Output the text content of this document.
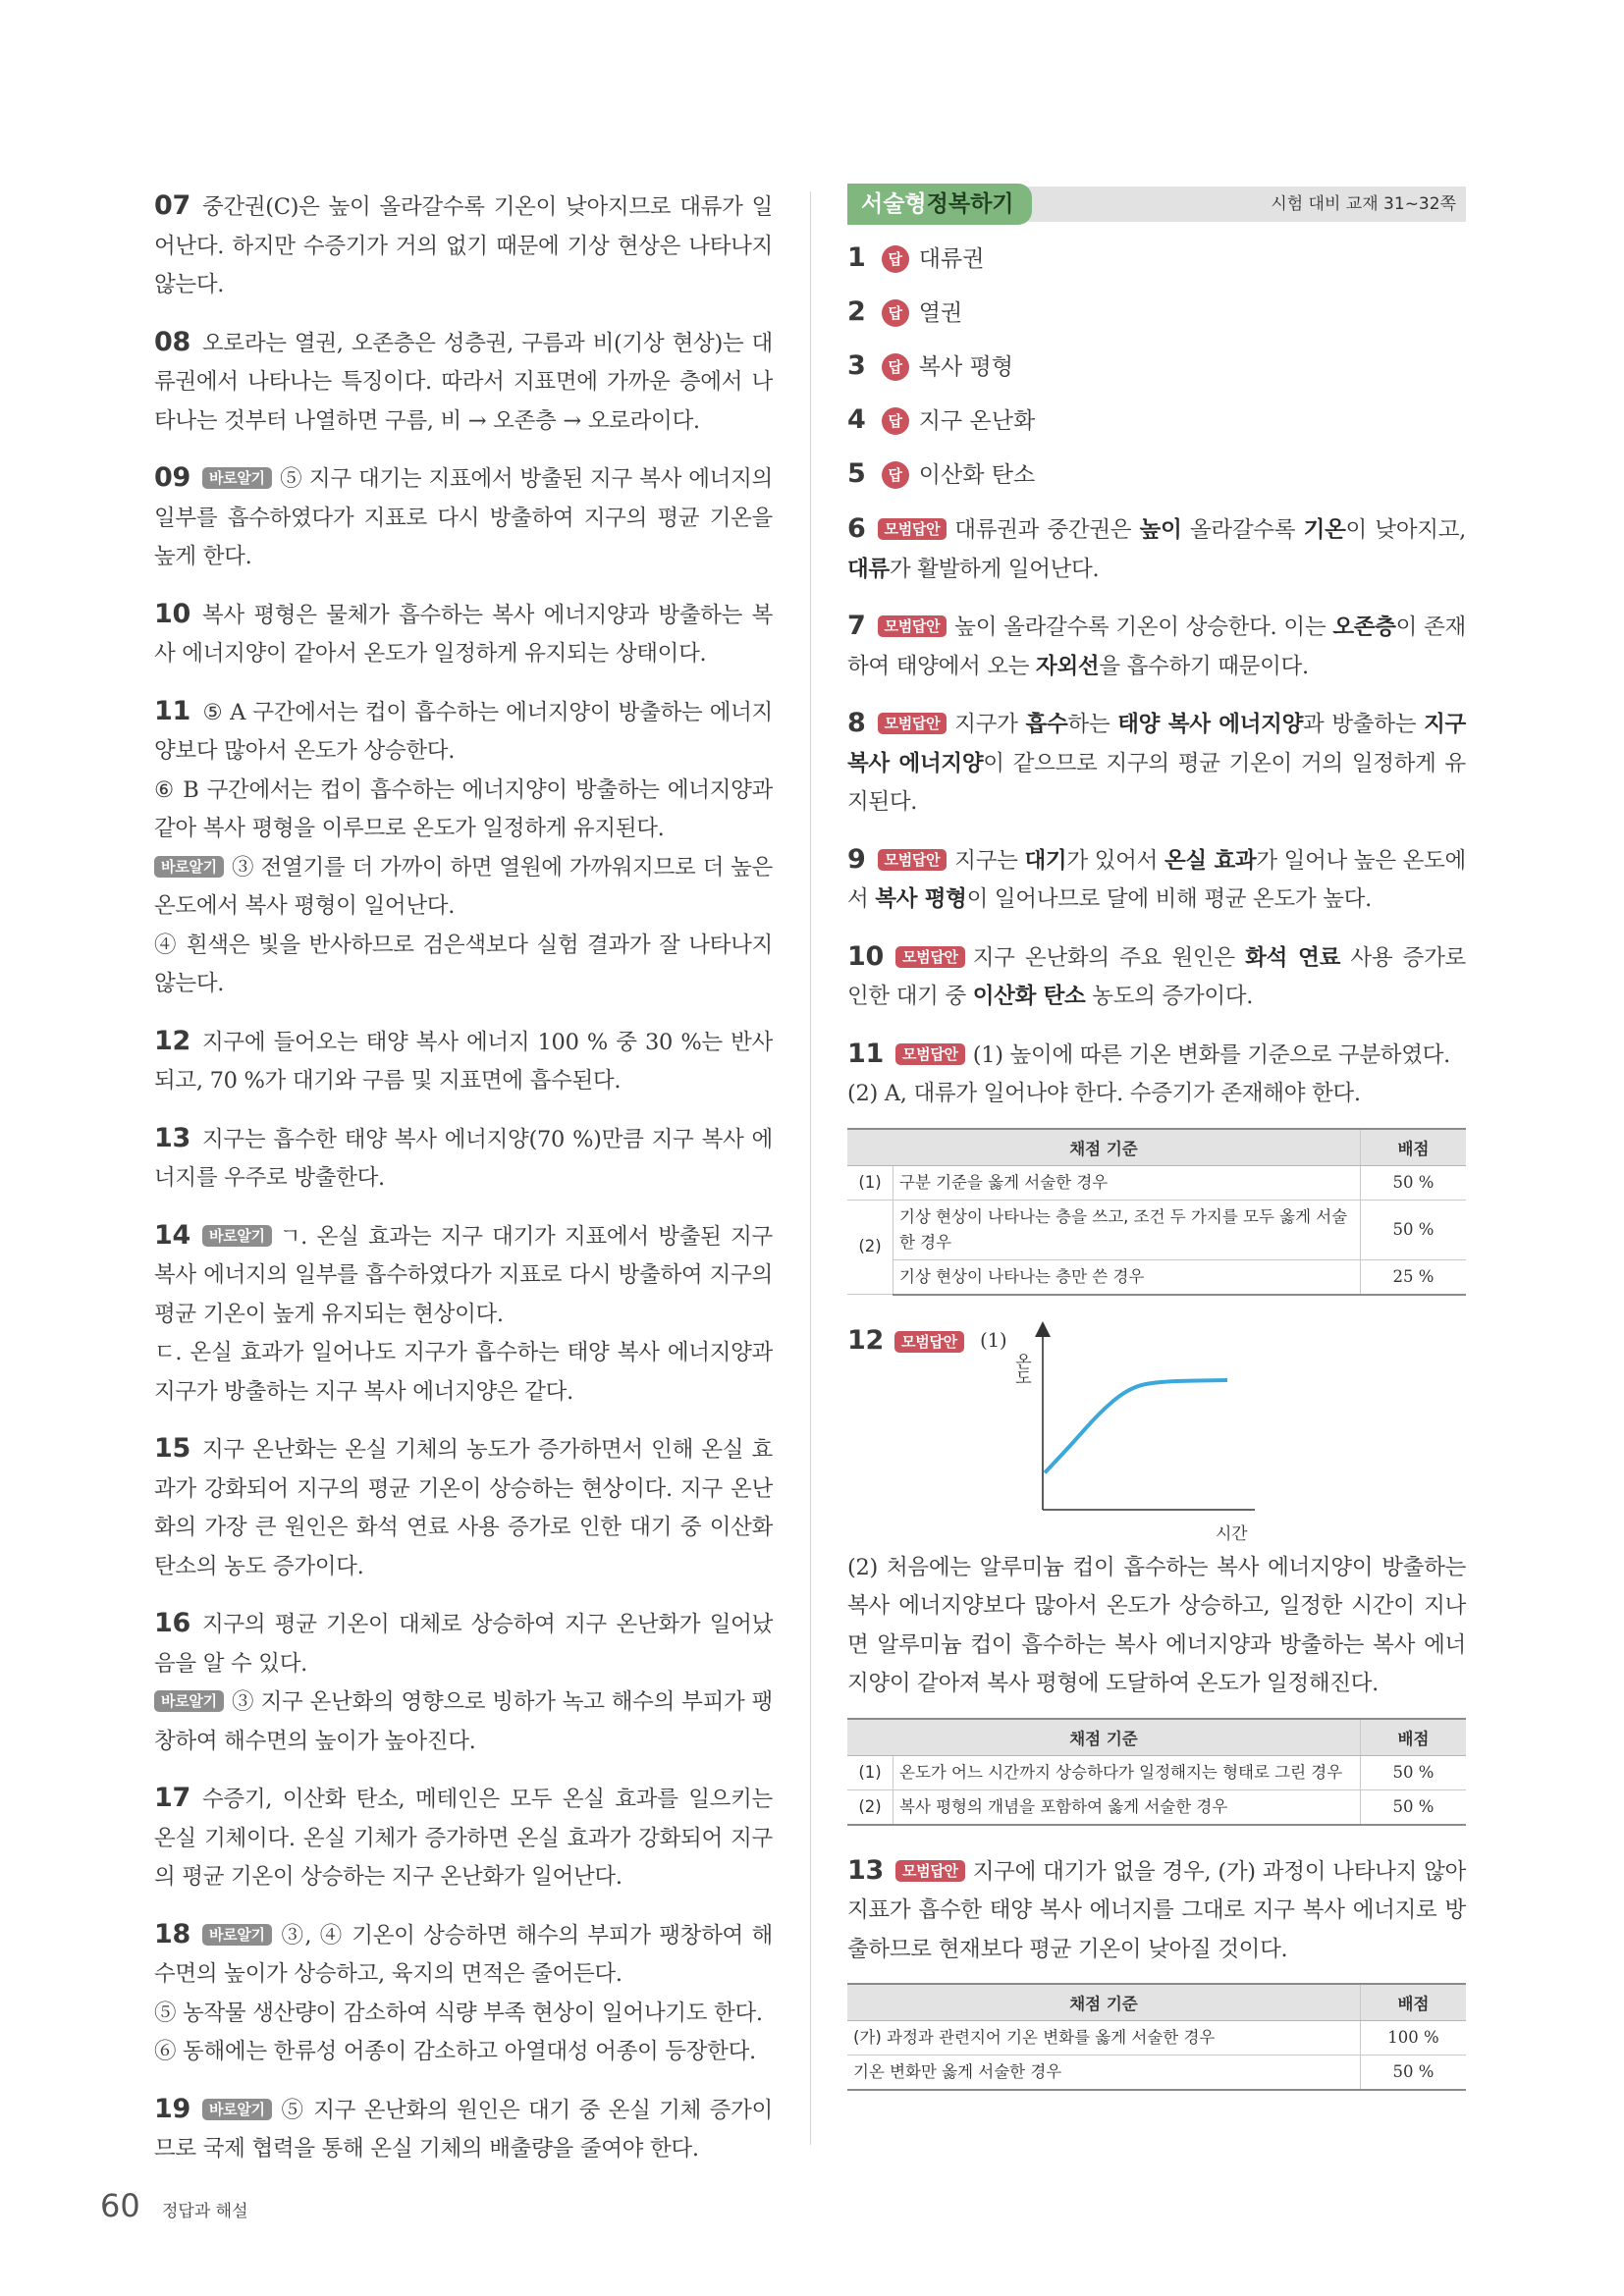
07 중간권(C)은 높이 올라갈수록 기온이 낮아지므로 대류가 일어난다. 하지만 수증기가 거의 없기 때문에 기상 현상은 나타나지 않는다.

08 오로라는 열권, 오존층은 성층권, 구름과 비(기상 현상)는 대류권에서 나타나는 특징이다. 따라서 지표면에 가까운 층에서 나타나는 것부터 나열하면 구름, 비 → 오존층 → 오로라이다.

09 바로알기 ⑤ 지구 대기는 지표에서 방출된 지구 복사 에너지의 일부를 흡수하였다가 지표로 다시 방출하여 지구의 평균 기온을 높게 한다.

10 복사 평형은 물체가 흡수하는 복사 에너지양과 방출하는 복사 에너지양이 같아서 온도가 일정하게 유지되는 상태이다.

11 ⑤ A 구간에서는 컵이 흡수하는 에너지양이 방출하는 에너지양보다 많아서 온도가 상승한다.

⑥ B 구간에서는 컵이 흡수하는 에너지양이 방출하는 에너지양과 같아 복사 평형을 이루므로 온도가 일정하게 유지된다.

바로알기 ③ 전열기를 더 가까이 하면 열원에 가까워지므로 더 높은 온도에서 복사 평형이 일어난다.

④ 흰색은 빛을 반사하므로 검은색보다 실험 결과가 잘 나타나지 않는다.

12 지구에 들어오는 태양 복사 에너지 100 % 중 30 %는 반사되고, 70 %가 대기와 구름 및 지표면에 흡수된다.

13 지구는 흡수한 태양 복사 에너지양(70 %)만큼 지구 복사 에너지를 우주로 방출한다.

14 바로알기 ㄱ. 온실 효과는 지구 대기가 지표에서 방출된 지구 복사 에너지의 일부를 흡수하였다가 지표로 다시 방출하여 지구의 평균 기온이 높게 유지되는 현상이다.

ㄷ. 온실 효과가 일어나도 지구가 흡수하는 태양 복사 에너지양과 지구가 방출하는 지구 복사 에너지양은 같다.

15 지구 온난화는 온실 기체의 농도가 증가하면서 인해 온실 효과가 강화되어 지구의 평균 기온이 상승하는 현상이다. 지구 온난화의 가장 큰 원인은 화석 연료 사용 증가로 인한 대기 중 이산화 탄소의 농도 증가이다.

16 지구의 평균 기온이 대체로 상승하여 지구 온난화가 일어났음을 알 수 있다.

바로알기 ③ 지구 온난화의 영향으로 빙하가 녹고 해수의 부피가 팽창하여 해수면의 높이가 높아진다.

17 수증기, 이산화 탄소, 메테인은 모두 온실 효과를 일으키는 온실 기체이다. 온실 기체가 증가하면 온실 효과가 강화되어 지구의 평균 기온이 상승하는 지구 온난화가 일어난다.

18 바로알기 ③, ④ 기온이 상승하면 해수의 부피가 팽창하여 해수면의 높이가 상승하고, 육지의 면적은 줄어든다.

⑤ 농작물 생산량이 감소하여 식량 부족 현상이 일어나기도 한다.

⑥ 동해에는 한류성 어종이 감소하고 아열대성 어종이 등장한다.

19 바로알기 ⑤ 지구 온난화의 원인은 대기 중 온실 기체 증가이므로 국제 협력을 통해 온실 기체의 배출량을 줄여야 한다.

서술형정복하기	시험 대비 교재 31~32쪽
1 답 대류권
2 답 열권
3 답 복사 평형
4 답 지구 온난화
5 답 이산화 탄소

6 모범답안 대류권과 중간권은 높이 올라갈수록 기온이 낮아지고, 대류가 활발하게 일어난다.

7 모범답안 높이 올라갈수록 기온이 상승한다. 이는 오존층이 존재하여 태양에서 오는 자외선을 흡수하기 때문이다.

8 모범답안 지구가 흡수하는 태양 복사 에너지양과 방출하는 지구 복사 에너지양이 같으므로 지구의 평균 기온이 거의 일정하게 유지된다.

9 모범답안 지구는 대기가 있어서 온실 효과가 일어나 높은 온도에서 복사 평형이 일어나므로 달에 비해 평균 온도가 높다.

10 모범답안 지구 온난화의 주요 원인은 화석 연료 사용 증가로 인한 대기 중 이산화 탄소 농도의 증가이다.

11 모범답안 (1) 높이에 따른 기온 변화를 기준으로 구분하였다.

(2) A, 대류가 일어나야 한다. 수증기가 존재해야 한다.

채점 기준		배점
(1)	구분 기준을 옳게 서술한 경우	50 %
(2)	기상 현상이 나타나는 층을 쓰고, 조건 두 가지를 모두 옳게 서술한 경우	50 %
	기상 현상이 나타나는 층만 쓴 경우	25 %
12	모범답안	(1)
온도
시간

(2) 처음에는 알루미늄 컵이 흡수하는 복사 에너지양이 방출하는 복사 에너지양보다 많아서 온도가 상승하고, 일정한 시간이 지나면 알루미늄 컵이 흡수하는 복사 에너지양과 방출하는 복사 에너지양이 같아져 복사 평형에 도달하여 온도가 일정해진다.

채점 기준		배점
(1)	온도가 어느 시간까지 상승하다가 일정해지는 형태로 그린 경우	50 %
(2)	복사 평형의 개념을 포함하여 옳게 서술한 경우	50 %

13 모범답안 지구에 대기가 없을 경우, (가) 과정이 나타나지 않아 지표가 흡수한 태양 복사 에너지를 그대로 지구 복사 에너지로 방출하므로 현재보다 평균 기온이 낮아질 것이다.

채점 기준	배점
(가) 과정과 관련지어 기온 변화를 옳게 서술한 경우	100 %
기온 변화만 옳게 서술한 경우	50 %
60 정답과 해설
